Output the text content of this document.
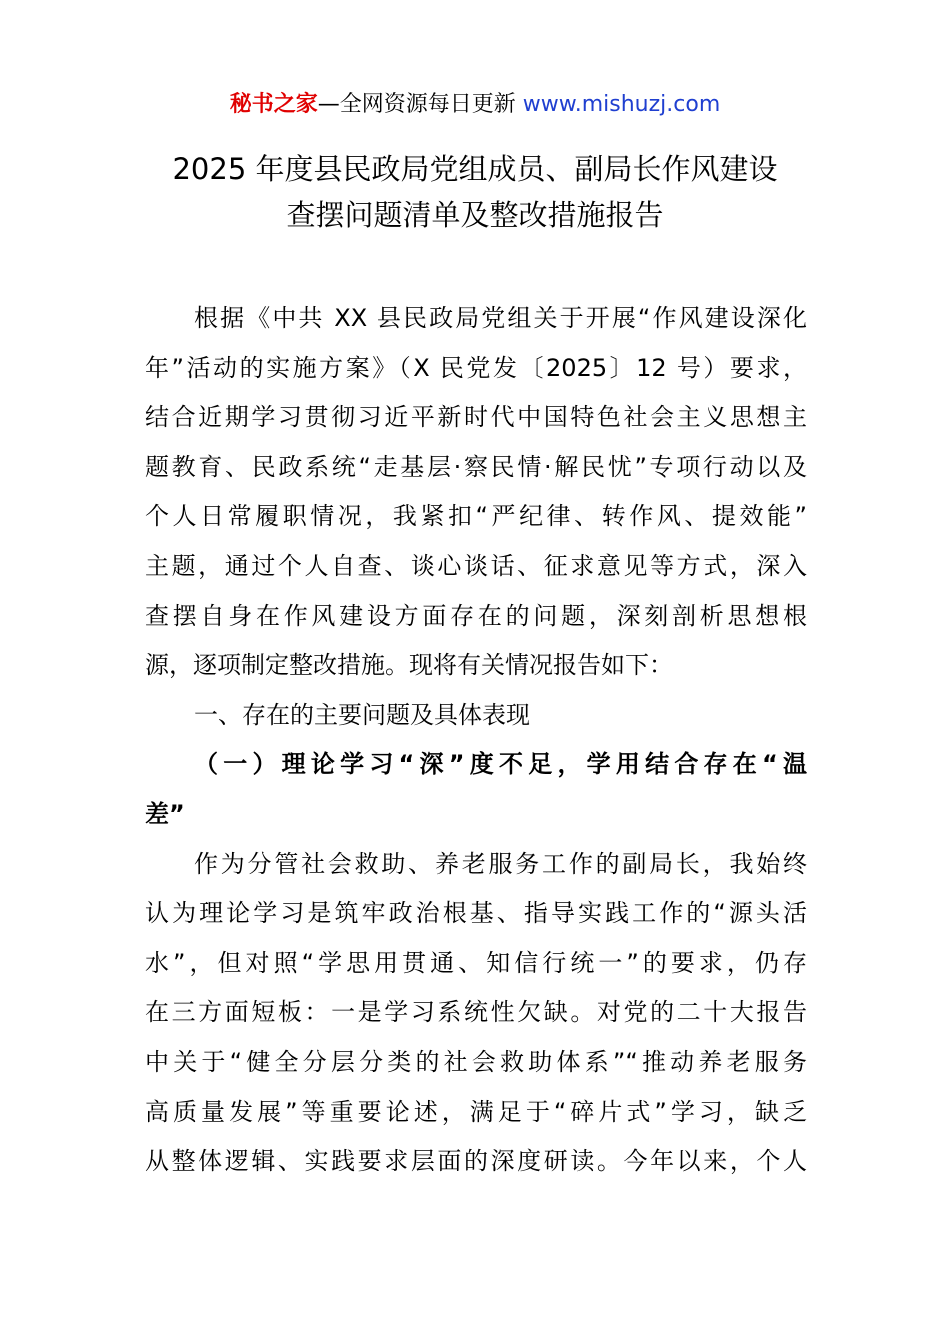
秘书之家—全网资源每日更新 www.mishuzj.com
2025 年度县民政局党组成员、副局长作风建设
查摆问题清单及整改措施报告
根据《中共 XX 县民政局党组关于开展“作风建设深化
年”活动的实施方案》（X 民党发〔2025〕12 号）要求，
结合近期学习贯彻习近平新时代中国特色社会主义思想主
题教育、民政系统“走基层·察民情·解民忧”专项行动以及
个人日常履职情况，我紧扣“严纪律、转作风、提效能”
主题，通过个人自查、谈心谈话、征求意见等方式，深入
查摆自身在作风建设方面存在的问题，深刻剖析思想根
源，逐项制定整改措施。现将有关情况报告如下：
一、存在的主要问题及具体表现
（一）理论学习“深”度不足，学用结合存在“温
差”
作为分管社会救助、养老服务工作的副局长，我始终
认为理论学习是筑牢政治根基、指导实践工作的“源头活
水”，但对照“学思用贯通、知信行统一”的要求，仍存
在三方面短板：一是学习系统性欠缺。对党的二十大报告
中关于“健全分层分类的社会救助体系”“推动养老服务
高质量发展”等重要论述，满足于“碎片式”学习，缺乏
从整体逻辑、实践要求层面的深度研读。今年以来，个人
